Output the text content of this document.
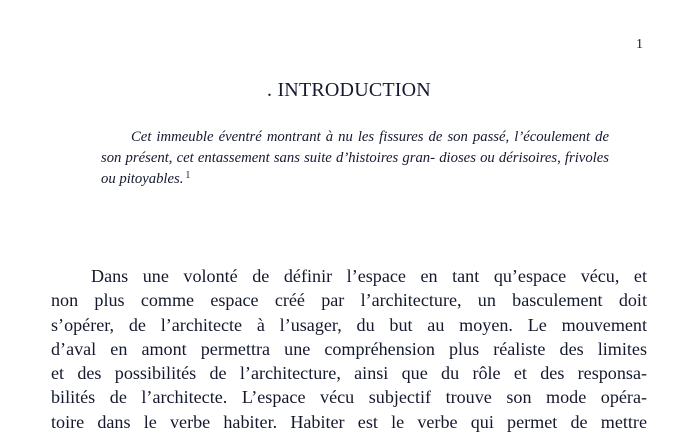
1
. INTRODUCTION
Cet immeuble éventré montrant à nu les fissures de son passé, l’écoulement de son présent, cet entassement sans suite d’histoires gran- dioses ou dérisoires, frivoles ou pitoyables. $^1$
Dans une volonté de définir l’espace en tant qu’espace vécu, et
non plus comme espace créé par l’architecture, un basculement doit
s’opérer, de l’architecte à l’usager, du but au moyen. Le mouvement
d’aval en amont permettra une compréhension plus réaliste des limites
et des possibilités de l’architecture, ainsi que du rôle et des responsa-
bilités de l’architecte. L’espace vécu subjectif trouve son mode opéra-
toire dans le verbe habiter. Habiter est le verbe qui permet de mettre
